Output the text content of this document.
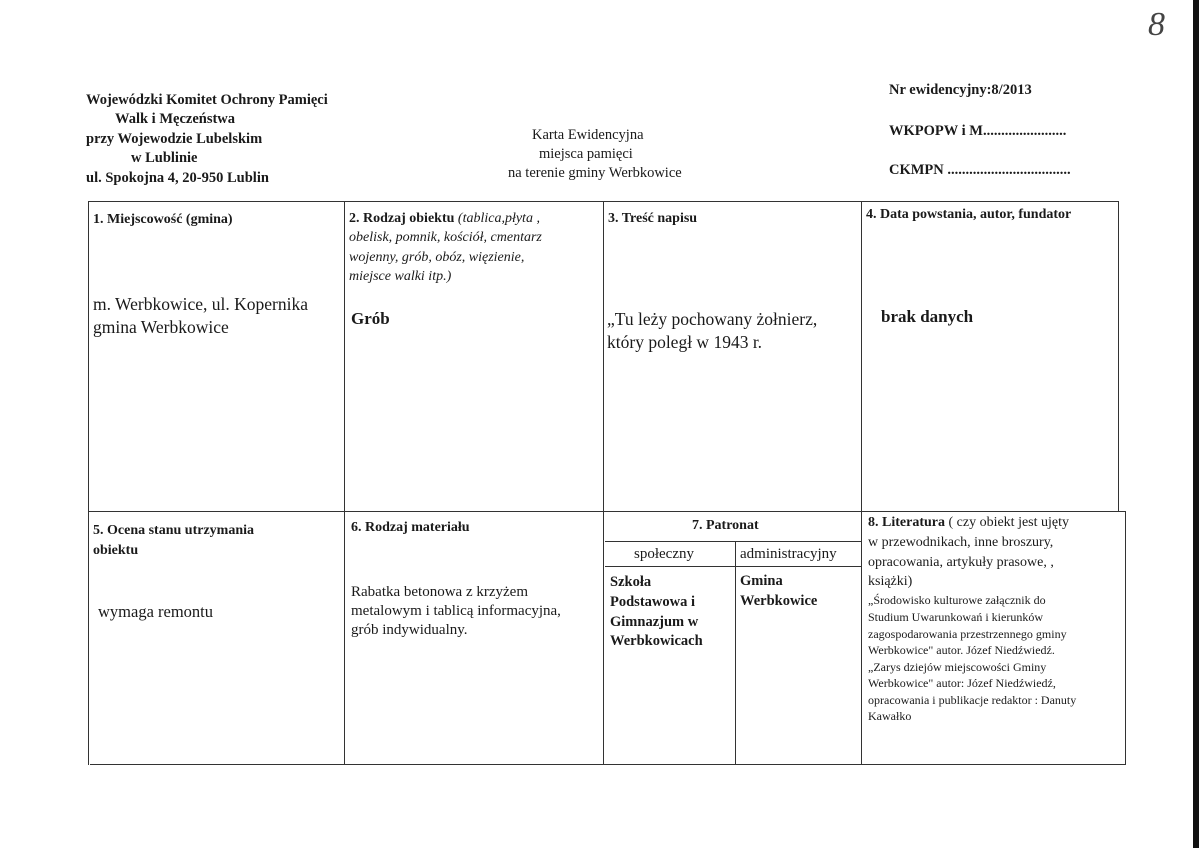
8
Wojewódzki Komitet Ochrony Pamięci
Walk i Męczeństwa
przy Wojewodzie Lubelskim
w Lublinie
ul. Spokojna 4, 20-950 Lublin
Karta Ewidencyjna
miejsca pamięci
na terenie gminy Werbkowice
Nr ewidencyjny:8/2013
WKPOPW i M.......................
CKMPN ..................................
1. Miejscowość (gmina)
m. Werbkowice, ul. Kopernika
gmina Werbkowice
2. Rodzaj obiektu (tablica,płyta ,
obelisk, pomnik, kościół, cmentarz
wojenny, grób, obóz, więzienie,
miejsce walki itp.)
Grób
3. Treść napisu
„Tu leży pochowany żołnierz,
który poległ w 1943 r.
4. Data powstania, autor, fundator
brak danych
5. Ocena stanu utrzymania
obiektu
wymaga remontu
6. Rodzaj materiału
Rabatka betonowa z krzyżem
metalowym i tablicą informacyjna,
grób indywidualny.
7. Patronat
społeczny	administracyjny
Szkoła
Podstawowa i
Gimnazjum w
Werbkowicach
Gmina
Werbkowice
8. Literatura ( czy obiekt jest ujęty
w przewodnikach, inne broszury,
opracowania, artykuły prasowe, ,
książki)
„Środowisko kulturowe załącznik do
Studium Uwarunkowań i kierunków
zagospodarowania przestrzennego gminy
Werbkowice" autor. Józef Niedźwiedź.
„Zarys dziejów miejscowości Gminy
Werbkowice" autor: Józef Niedźwiedź,
opracowania i publikacje redaktor : Danuty
Kawałko
